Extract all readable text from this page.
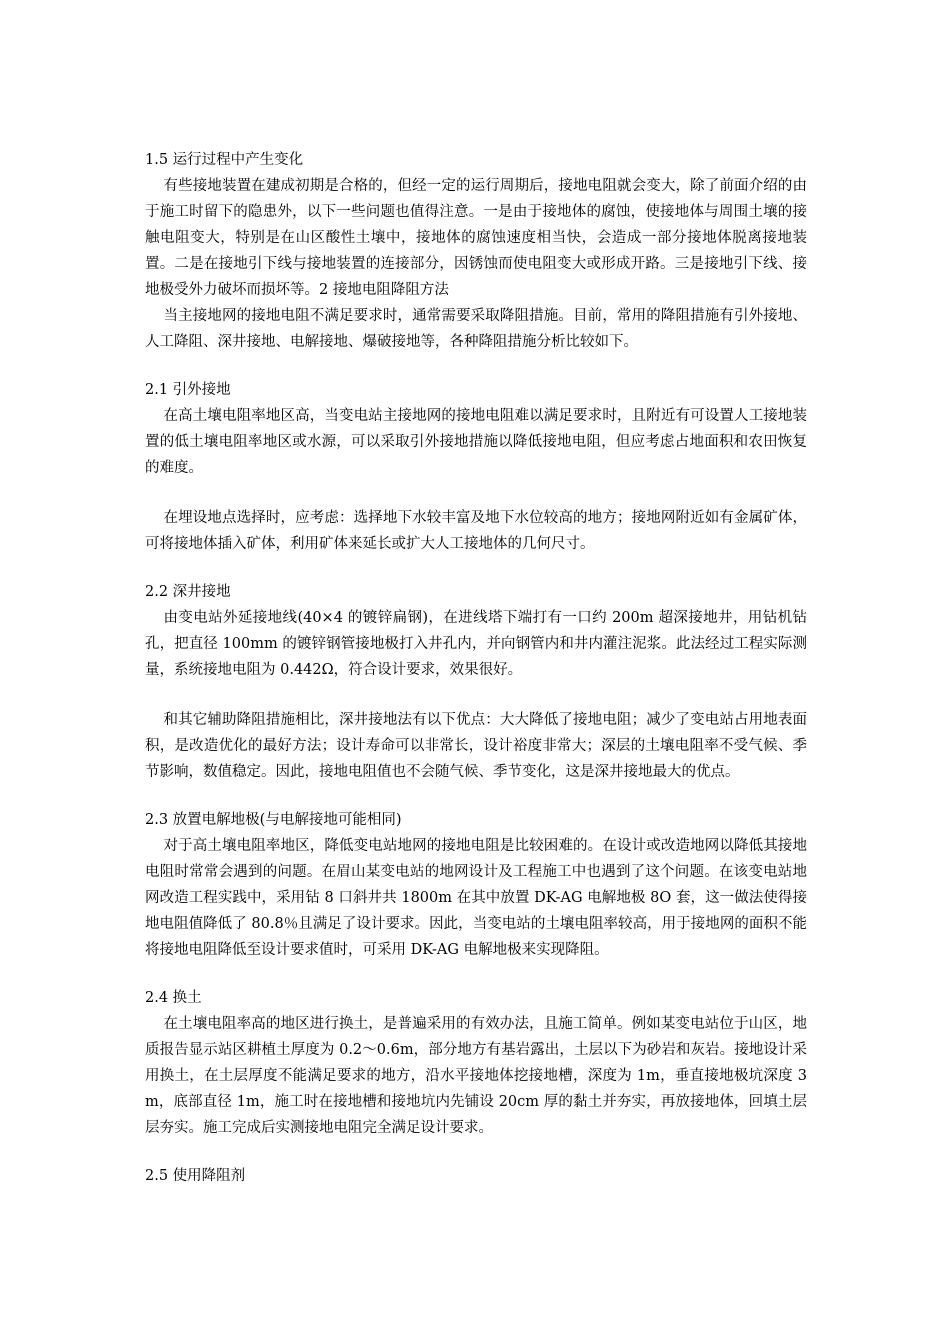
1.5 运行过程中产生变化

有些接地装置在建成初期是合格的，但经一定的运行周期后，接地电阻就会变大，除了前面介绍的由于施工时留下的隐患外，以下一些问题也值得注意。一是由于接地体的腐蚀，使接地体与周围土壤的接触电阻变大，特别是在山区酸性土壤中，接地体的腐蚀速度相当快，会造成一部分接地体脱离接地装置。二是在接地引下线与接地装置的连接部分，因锈蚀而使电阻变大或形成开路。三是接地引下线、接地极受外力破坏而损坏等。2 接地电阻降阻方法

当主接地网的接地电阻不满足要求时，通常需要采取降阻措施。目前，常用的降阻措施有引外接地、人工降阻、深井接地、电解接地、爆破接地等，各种降阻措施分析比较如下。

2.1 引外接地

在高土壤电阻率地区高，当变电站主接地网的接地电阻难以满足要求时，且附近有可设置人工接地装置的低土壤电阻率地区或水源，可以采取引外接地措施以降低接地电阻，但应考虑占地面积和农田恢复的难度。

在埋设地点选择时，应考虑：选择地下水较丰富及地下水位较高的地方；接地网附近如有金属矿体，可将接地体插入矿体，利用矿体来延长或扩大人工接地体的几何尺寸。

2.2 深井接地

由变电站外延接地线(40×4 的镀锌扁钢)，在进线塔下端打有一口约 200m 超深接地井，用钻机钻孔，把直径 100mm 的镀锌钢管接地极打入井孔内，并向钢管内和井内灌注泥浆。此法经过工程实际测量，系统接地电阻为 0.442Ω，符合设计要求，效果很好。

和其它辅助降阻措施相比，深井接地法有以下优点：大大降低了接地电阻；减少了变电站占用地表面积，是改造优化的最好方法；设计寿命可以非常长，设计裕度非常大；深层的土壤电阻率不受气候、季节影响，数值稳定。因此，接地电阻值也不会随气候、季节变化，这是深井接地最大的优点。

2.3 放置电解地极(与电解接地可能相同)

对于高土壤电阻率地区，降低变电站地网的接地电阻是比较困难的。在设计或改造地网以降低其接地电阻时常常会遇到的问题。在眉山某变电站的地网设计及工程施工中也遇到了这个问题。在该变电站地网改造工程实践中，采用钻 8 口斜井共 1800m 在其中放置 DK-AG 电解地极 8O 套，这一做法使得接地电阻值降低了 80.8％且满足了设计要求。因此，当变电站的土壤电阻率较高，用于接地网的面积不能将接地电阻降低至设计要求值时，可采用 DK-AG 电解地极来实现降阻。

2.4 换土

在土壤电阻率高的地区进行换土，是普遍采用的有效办法，且施工简单。例如某变电站位于山区，地质报告显示站区耕植土厚度为 0.2～0.6m，部分地方有基岩露出，土层以下为砂岩和灰岩。接地设计采用换土，在土层厚度不能满足要求的地方，沿水平接地体挖接地槽，深度为 1m，垂直接地极坑深度 3m，底部直径 1m，施工时在接地槽和接地坑内先铺设 20cm 厚的黏土并夯实，再放接地体，回填土层层夯实。施工完成后实测接地电阻完全满足设计要求。

2.5 使用降阻剂
